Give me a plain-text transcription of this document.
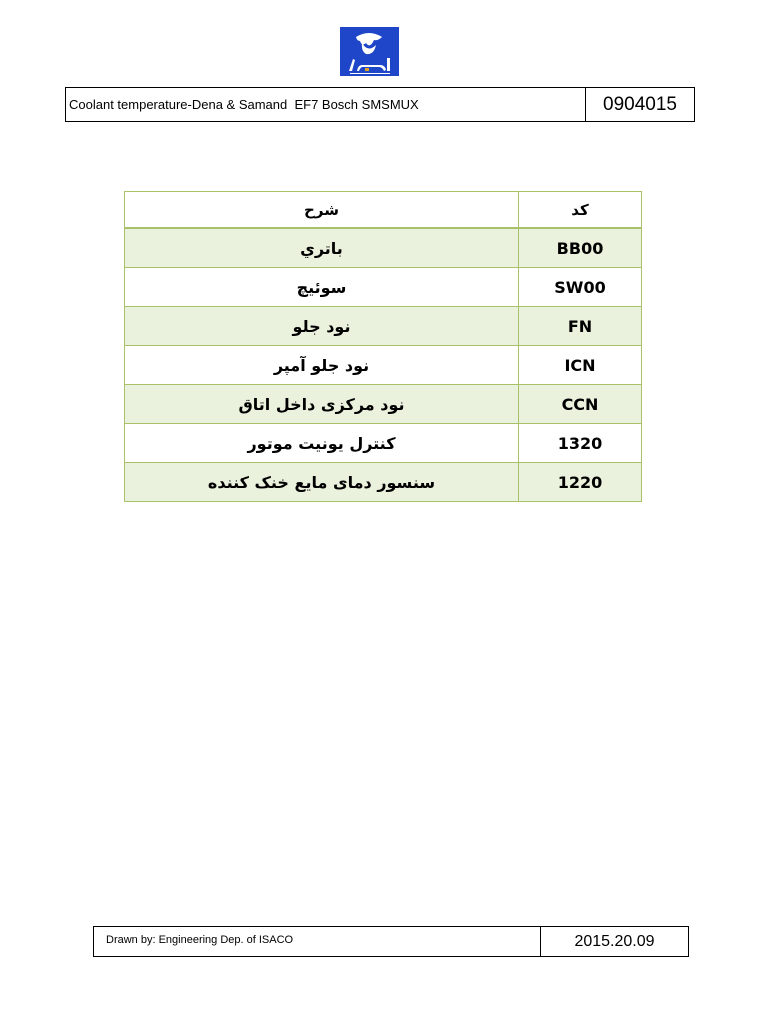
Coolant temperature-Dena & Samand  EF7 Bosch SMSMUX	0904015
کد	شرح
BB00	باتري
SW00	سوئيچ
FN	نود جلو
ICN	نود جلو آمپر
CCN	نود مرکزی داخل اتاق
1320	کنترل یونیت موتور
1220	سنسور دمای مایع خنک کننده
Drawn by: Engineering Dep. of ISACO	2015.20.09
